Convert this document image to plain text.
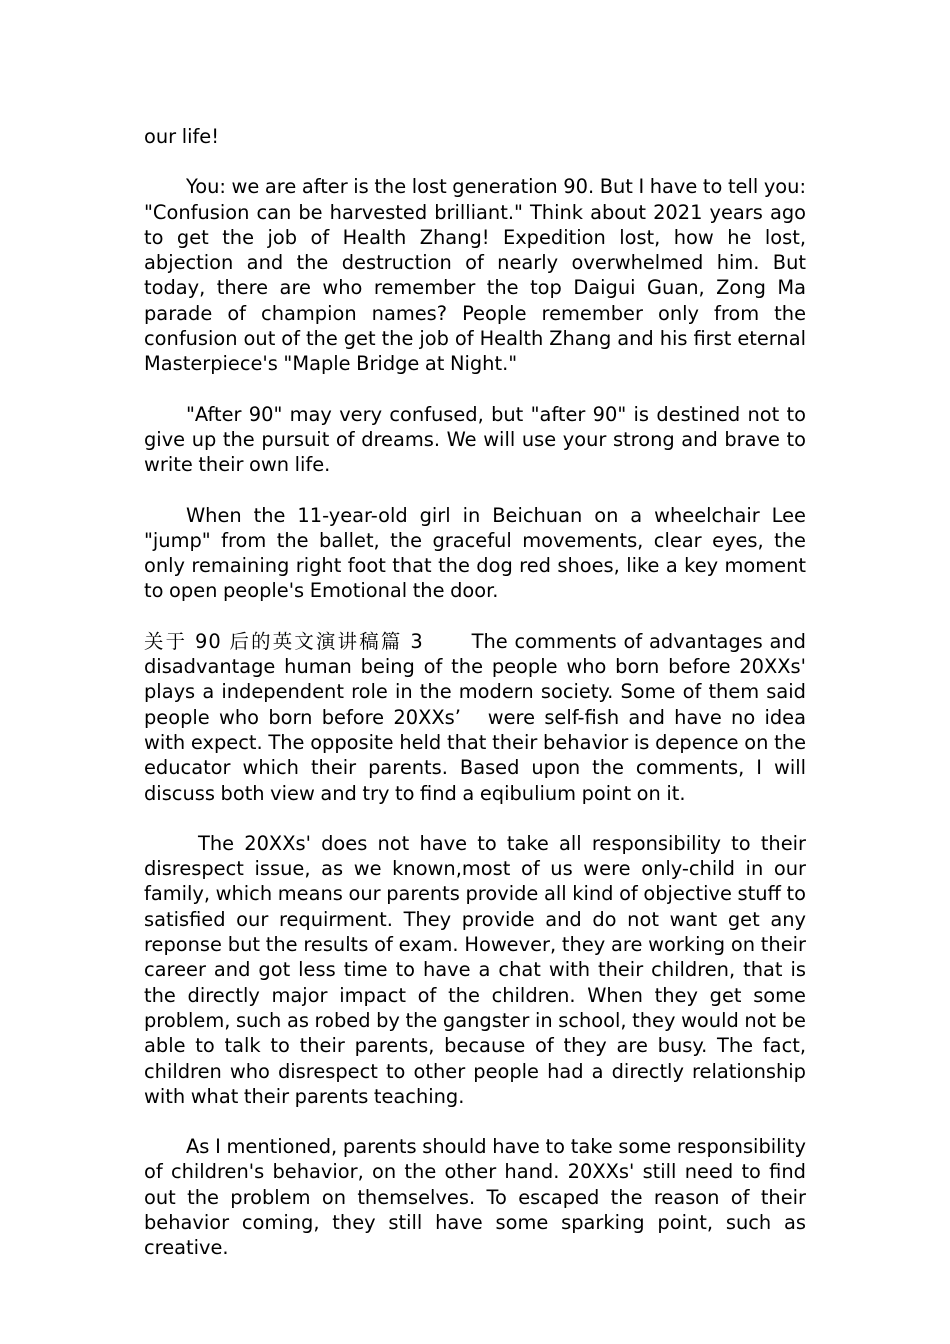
our life!

You: we are after is the lost generation 90. But I have to tell you: "Confusion can be harvested brilliant." Think about 2021 years ago to get the job of Health Zhang! Expedition lost, how he lost, abjection and the destruction of nearly overwhelmed him. But today, there are who remember the top Daigui Guan, Zong Ma parade of champion names? People remember only from the confusion out of the get the job of Health Zhang and his first eternal Masterpiece's "Maple Bridge at Night."

"After 90" may very confused, but "after 90" is destined not to give up the pursuit of dreams. We will use your strong and brave to write their own life.

When the 11-year-old girl in Beichuan on a wheelchair Lee "jump" from the ballet, the graceful movements, clear eyes, the only remaining right foot that the dog red shoes, like a key moment to open people's Emotional the door.

关于 90 后的英文演讲稿篇 3 The comments of advantages and disadvantage human being of the people who born before 20XXs' plays a independent role in the modern society. Some of them said people who born before 20XXs’　were self-fish and have no idea with expect. The opposite held that their behavior is depence on the educator which their parents. Based upon the comments, I will discuss both view and try to find a eqibulium point on it.

The 20XXs' does not have to take all responsibility to their disrespect issue, as we known,most of us were only-child in our family, which means our parents provide all kind of objective stuff to satisfied our requirment. They provide and do not want get any reponse but the results of exam. However, they are working on their career and got less time to have a chat with their children, that is the directly major impact of the children. When they get some problem, such as robed by the gangster in school, they would not be able to talk to their parents, because of they are busy. The fact, children who disrespect to other people had a directly relationship with what their parents teaching.

As I mentioned, parents should have to take some responsibility of children's behavior, on the other hand. 20XXs' still need to find out the problem on themselves. To escaped the reason of their behavior coming, they still have some sparking point, such as creative.
